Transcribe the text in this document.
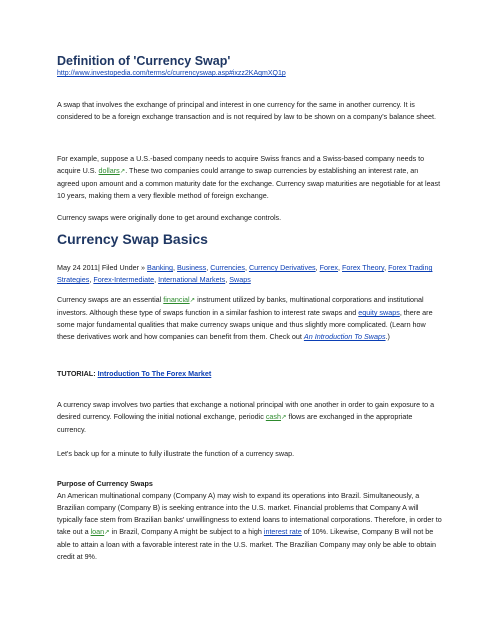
Definition of 'Currency Swap'
http://www.investopedia.com/terms/c/currencyswap.asp#ixzz2KAqmXQ1p
A swap that involves the exchange of principal and interest in one currency for the same in another currency. It is considered to be a foreign exchange transaction and is not required by law to be shown on a company's balance sheet.
For example, suppose a U.S.-based company needs to acquire Swiss francs and a Swiss-based company needs to acquire U.S. dollars↗. These two companies could arrange to swap currencies by establishing an interest rate, an agreed upon amount and a common maturity date for the exchange. Currency swap maturities are negotiable for at least 10 years, making them a very flexible method of foreign exchange.
Currency swaps were originally done to get around exchange controls.
Currency Swap Basics
May 24 2011| Filed Under » Banking, Business, Currencies, Currency Derivatives, Forex, Forex Theory, Forex Trading Strategies, Forex-Intermediate, International Markets, Swaps
Currency swaps are an essential financial↗ instrument utilized by banks, multinational corporations and institutional investors. Although these type of swaps function in a similar fashion to interest rate swaps and equity swaps, there are some major fundamental qualities that make currency swaps unique and thus slightly more complicated. (Learn how these derivatives work and how companies can benefit from them. Check out An Introduction To Swaps.)
TUTORIAL: Introduction To The Forex Market
A currency swap involves two parties that exchange a notional principal with one another in order to gain exposure to a desired currency. Following the initial notional exchange, periodic cash↗ flows are exchanged in the appropriate currency.
Let's back up for a minute to fully illustrate the function of a currency swap.
Purpose of Currency Swaps
An American multinational company (Company A) may wish to expand its operations into Brazil. Simultaneously, a Brazilian company (Company B) is seeking entrance into the U.S. market. Financial problems that Company A will typically face stem from Brazilian banks' unwillingness to extend loans to international corporations. Therefore, in order to take out a loan↗ in Brazil, Company A might be subject to a high interest rate of 10%. Likewise, Company B will not be able to attain a loan with a favorable interest rate in the U.S. market. The Brazilian Company may only be able to obtain credit at 9%.
